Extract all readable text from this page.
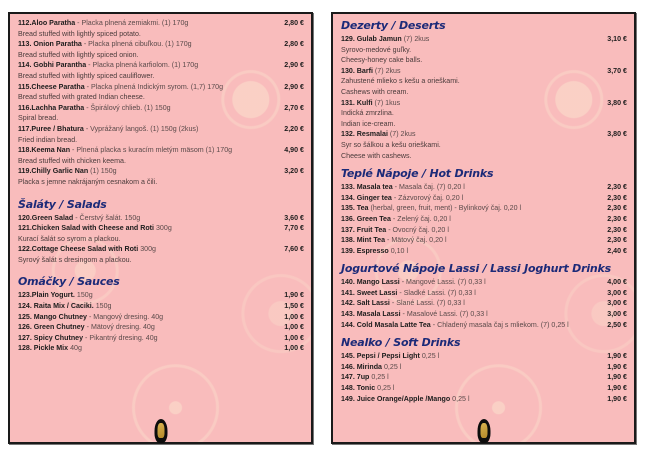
112.Aloo Paratha - Placka plnená zemiakmi. (1) 170g	2,80 €
Bread stuffed with lightly spiced potato.
113. Onion Paratha - Placka plnená cibuľkou. (1) 170g	2,80 €
Bread stuffed with lightly spiced onion.
114. Gobhi Parantha - Placka plnená karfiolom. (1) 170g	2,90 €
Bread stuffed with lightly spiced cauliflower.
115.Cheese Paratha - Placka plnená Indickým syrom. (1,7) 170g	2,90 €
Bread stuffed with grated Indian cheese.
116.Lachha Paratha - Špirálový chlieb. (1) 150g	2,70 €
Spiral bread.
117.Puree / Bhatura - Vyprážaný langoš. (1) 150g (2kus)	2,20 €
Fried indian bread.
118.Keema Nan - Plnená placka s kuracím mletým mäsom (1) 170g	4,90 €
Bread stuffed with chicken keema.
119.Chilly Garlic Nan (1) 150g	3,20 €
Placka s jemne nakrájaným cesnakom a čili.
Šaláty / Salads
120.Green Salad - Čerstvý šalát. 150g	3,60 €
121.Chicken Salad with Cheese and Roti 300g	7,70 €
Kurací šalát so syrom a plackou.
122.Cottage Cheese Salad with Roti 300g	7,60 €
Syrový šalát s dresingom a plackou.
Omáčky / Sauces
123.Plain Yogurt. 150g	1,90 €
124. Raita Mix / Caciki. 150g	1,50 €
125. Mango Chutney - Mangový dresing. 40g	1,00 €
126. Green Chutney - Mätový dresing. 40g	1,00 €
127. Spicy Chutney - Pikantný dresing. 40g	1,00 €
128. Pickle Mix 40g	1,00 €
Dezerty / Deserts
129. Gulab Jamun (7) 2kus	3,10 €
Syrovo-medové guľky.
Cheesy-honey cake balls.
130. Barfi (7) 2kus	3,70 €
Zahustené mlieko s kešu a orieškami.
Cashews with cream.
131. Kulfi (7) 1kus	3,80 €
Indická zmrzlina.
Indian ice-cream.
132. Resmalai (7) 2kus	3,80 €
Syr so šálkou a kešu orieškami.
Cheese with cashews.
Teplé Nápoje / Hot Drinks
133. Masala tea - Masala čaj. (7) 0,20 l	2,30 €
134. Ginger tea - Zázvorový čaj. 0,20 l	2,30 €
135. Tea (herbal, green, fruit, ment) - Bylinkový čaj. 0,20 l	2,30 €
136. Green Tea - Zelený čaj. 0,20 l	2,30 €
137. Fruit Tea - Ovocný čaj. 0,20 l	2,30 €
138. Mint Tea - Mätový čaj. 0,20 l	2,30 €
139. Espresso 0,10 l	2,40 €
Jogurtové Nápoje Lassi / Lassi Joghurt Drinks
140. Mango Lassi - Mangové Lassi. (7) 0,33 l	4,00 €
141. Sweet Lassi - Sladké Lassi. (7) 0,33 l	3,00 €
142. Salt Lassi - Slané Lassi. (7) 0,33 l	3,00 €
143. Masala Lassi - Masalové Lassi. (7) 0,33 l	3,00 €
144. Cold Masala Latte Tea - Chladený masala čaj s mliekom. (7) 0,25 l	2,50 €
Nealko / Soft Drinks
145. Pepsi / Pepsi Light 0,25 l	1,90 €
146. Mirinda 0,25 l	1,90 €
147. 7up 0,25 l	1,90 €
148. Tonic 0,25 l	1,90 €
149. Juice Orange/Apple /Mango 0,25 l	1,90 €
